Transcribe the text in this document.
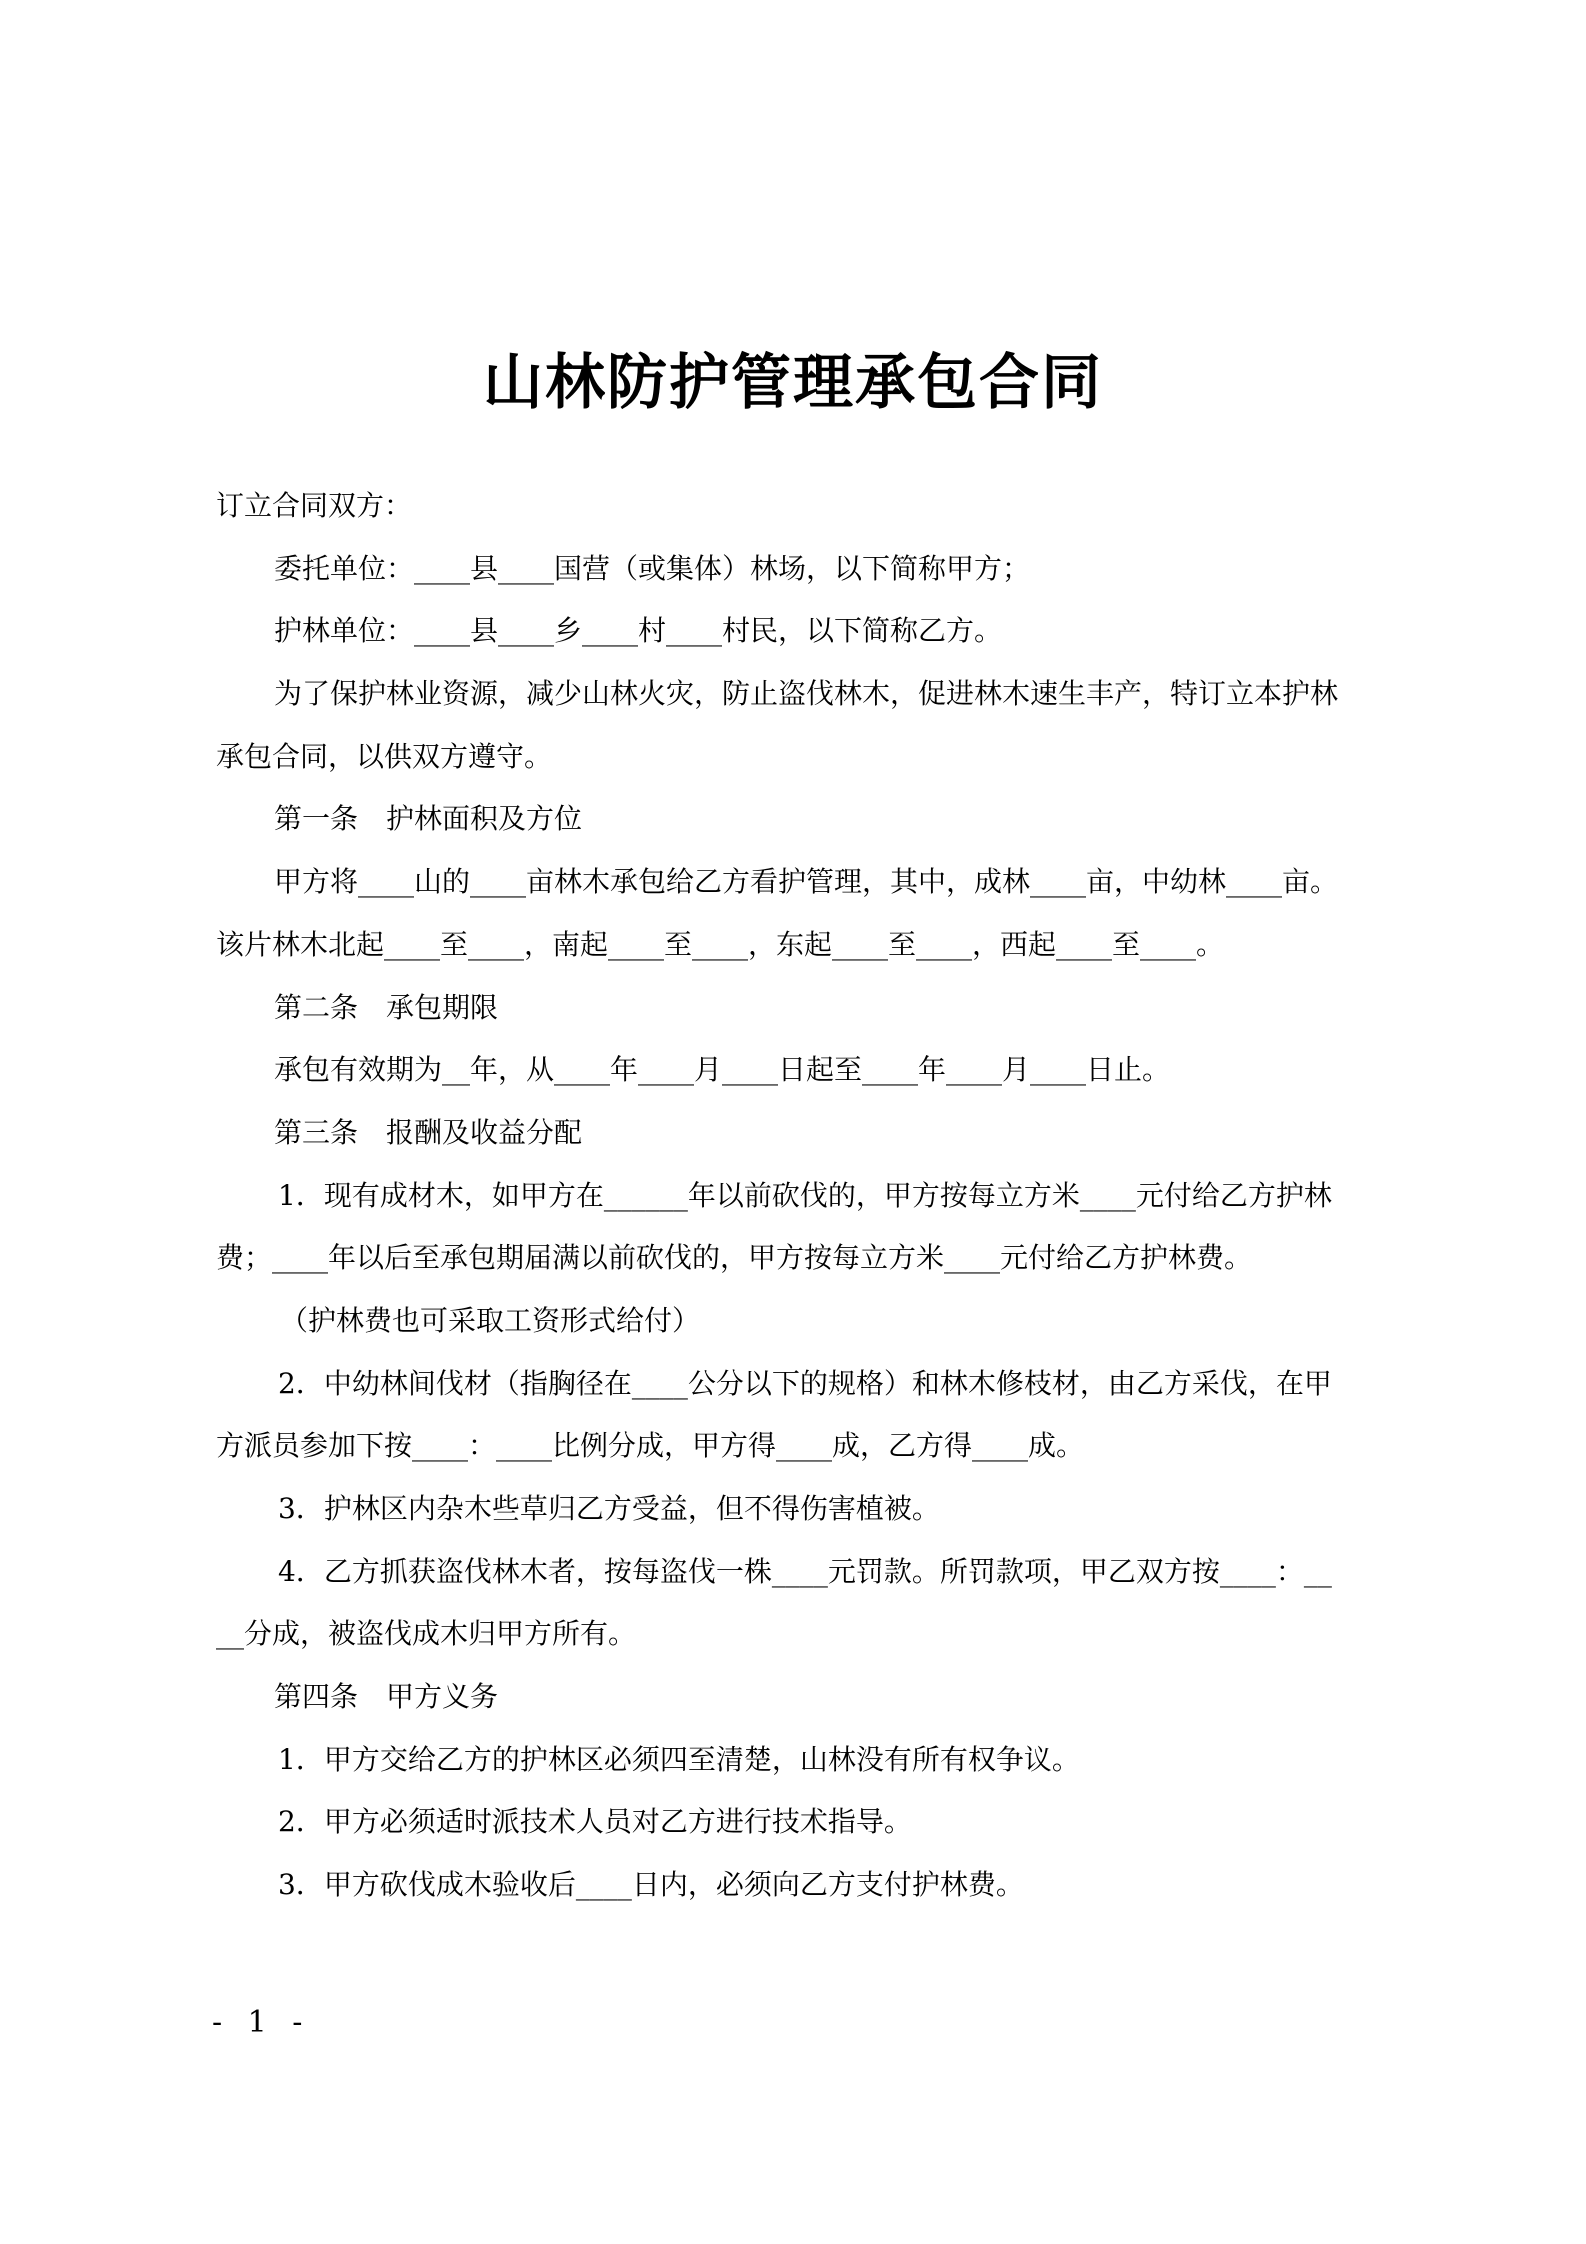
山林防护管理承包合同

订立合同双方：

委托单位：____县____国营（或集体）林场，以下简称甲方；

护林单位：____县____乡____村____村民，以下简称乙方。

为了保护林业资源，减少山林火灾，防止盗伐林木，促进林木速生丰产，特订立本护林

承包合同，以供双方遵守。

第一条　护林面积及方位

甲方将____山的____亩林木承包给乙方看护管理，其中，成林____亩，中幼林____亩。

该片林木北起____至____，南起____至____，东起____至____，西起____至____。

第二条　承包期限

承包有效期为__年，从____年____月____日起至____年____月____日止。

第三条　报酬及收益分配

1．现有成材木，如甲方在______年以前砍伐的，甲方按每立方米____元付给乙方护林

费；____年以后至承包期届满以前砍伐的，甲方按每立方米____元付给乙方护林费。

（护林费也可采取工资形式给付）

2．中幼林间伐材（指胸径在____公分以下的规格）和林木修枝材，由乙方采伐，在甲

方派员参加下按____：____比例分成，甲方得____成，乙方得____成。

3．护林区内杂木些草归乙方受益，但不得伤害植被。

4．乙方抓获盗伐林木者，按每盗伐一株____元罚款。所罚款项，甲乙双方按____：__

__分成，被盗伐成木归甲方所有。

第四条　甲方义务

1．甲方交给乙方的护林区必须四至清楚，山林没有所有权争议。

2．甲方必须适时派技术人员对乙方进行技术指导。

3．甲方砍伐成木验收后____日内，必须向乙方支付护林费。

- 1 -
